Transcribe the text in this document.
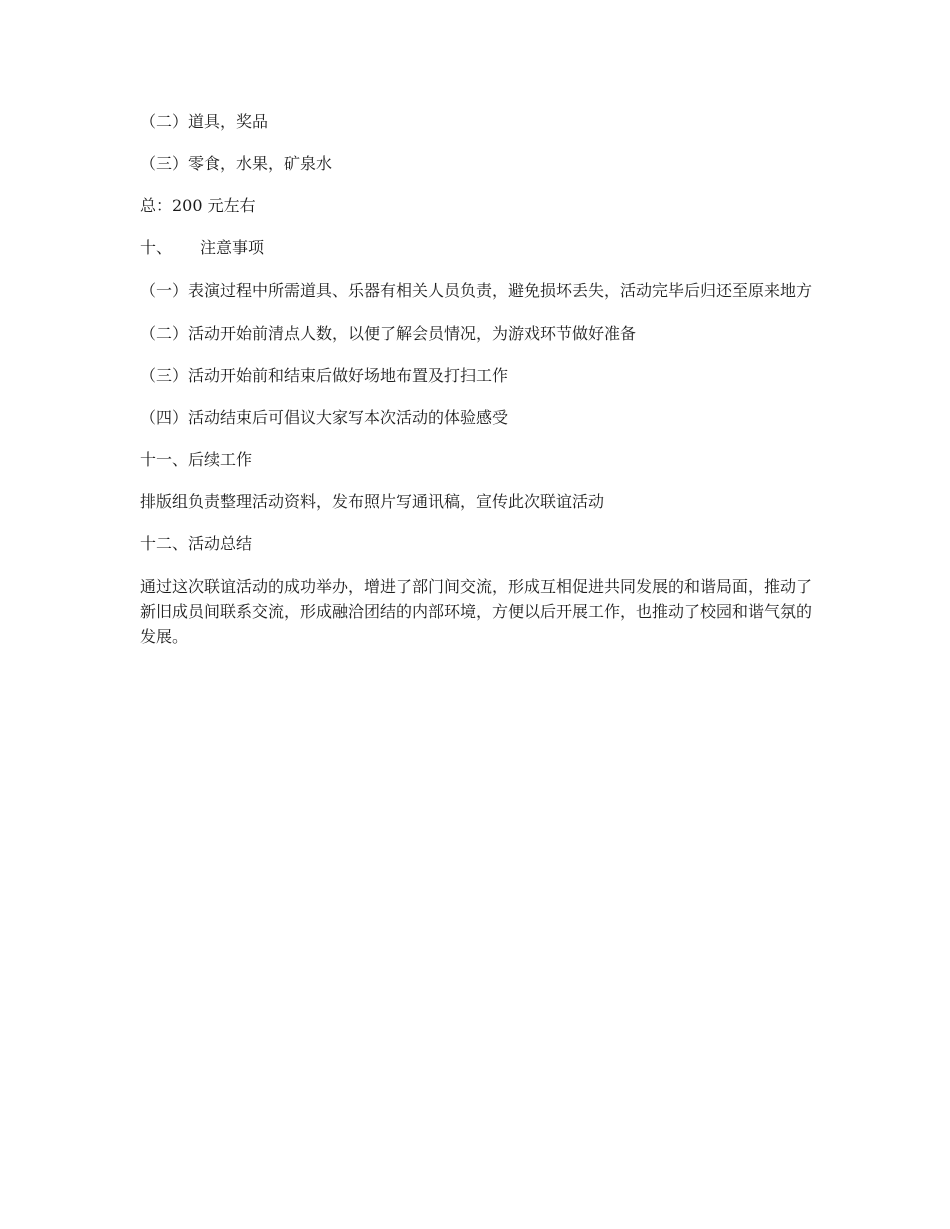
（二）道具，奖品

（三）零食，水果，矿泉水

总：200 元左右

十、	注意事项

（一）表演过程中所需道具、乐器有相关人员负责，避免损坏丢失，活动完毕后归还至原来地方

（二）活动开始前清点人数，以便了解会员情况，为游戏环节做好准备

（三）活动开始前和结束后做好场地布置及打扫工作

（四）活动结束后可倡议大家写本次活动的体验感受

十一、后续工作

排版组负责整理活动资料，发布照片写通讯稿，宣传此次联谊活动

十二、活动总结

通过这次联谊活动的成功举办，增进了部门间交流，形成互相促进共同发展的和谐局面，推动了新旧成员间联系交流，形成融洽团结的内部环境，方便以后开展工作，也推动了校园和谐气氛的发展。
